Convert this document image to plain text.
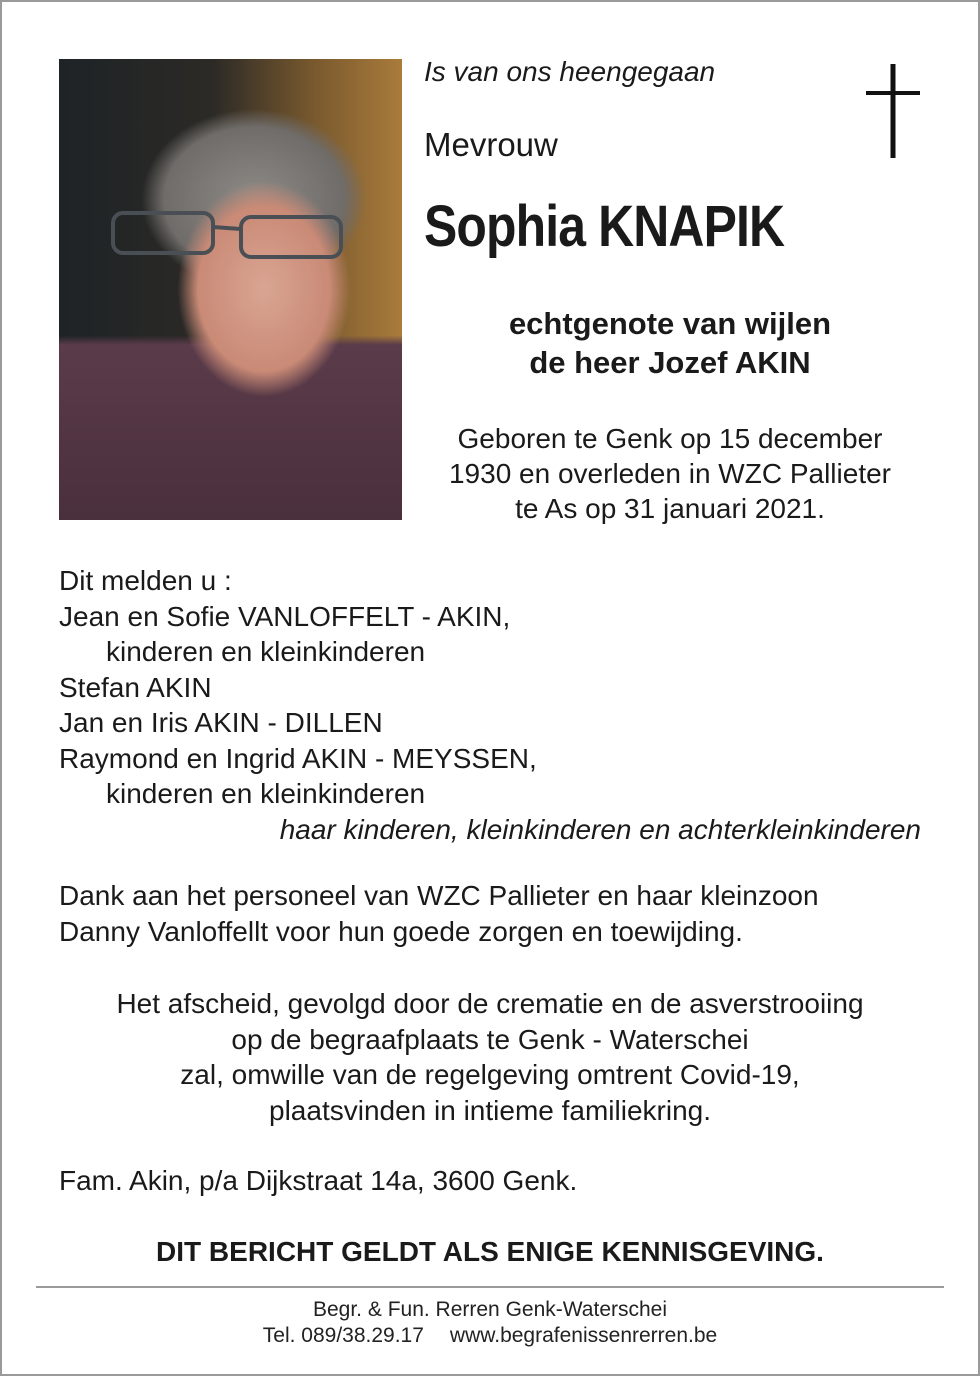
Is van ons heengegaan
Mevrouw
Sophia KNAPIK
echtgenote van wijlen
de heer Jozef AKIN
Geboren te Genk op 15 december
1930 en overleden in WZC Pallieter
te As op 31 januari 2021.
Dit melden u :
Jean en Sofie VANLOFFELT - AKIN,
kinderen en kleinkinderen
Stefan AKIN
Jan en Iris AKIN - DILLEN
Raymond en Ingrid AKIN - MEYSSEN,
kinderen en kleinkinderen
haar kinderen, kleinkinderen en achterkleinkinderen
Dank aan het personeel van WZC Pallieter en haar kleinzoon
Danny Vanloffellt voor hun goede zorgen en toewijding.
Het afscheid, gevolgd door de crematie en de asverstrooiing
op de begraafplaats te Genk - Waterschei
zal, omwille van de regelgeving omtrent Covid-19,
plaatsvinden in intieme familiekring.
Fam. Akin, p/a Dijkstraat 14a, 3600 Genk.
DIT BERICHT GELDT ALS ENIGE KENNISGEVING.
Begr. & Fun. Rerren Genk-Waterschei
Tel. 089/38.29.17 www.begrafenissenrerren.be
